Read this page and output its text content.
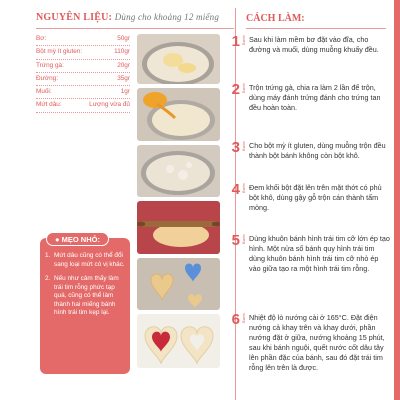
NGUYÊN LIỆU: Dùng cho khoảng 12 miếng
Bơ:	50gr
Bột mỳ ít gluten:	110gr
Trứng gà:	20gr
Đường:	35gr
Muối:	1gr
Mứt dâu:	Lượng vừa đủ
● MẸO NHỎ:
1. Mứt dâu cũng có thể đổi sang loại mứt có vị khác.
2. Nếu như cảm thấy làm trái tim rỗng phức tạp quá, cũng có thể làm thành hai miếng bánh hình trái tim kẹp lại.
CÁCH LÀM:
1 Bước Sau khi làm mềm bơ đặt vào đĩa, cho đường và muối, dùng muỗng khuấy đều.
2 Bước Trộn trứng gà, chia ra làm 2 lần để trộn, dùng máy đánh trứng đánh cho trứng tan đều hoàn toàn.
3 Bước Cho bột mỳ ít gluten, dùng muỗng trộn đều thành bột bánh không còn bột khô.
4 Bước Đem khối bột đặt lên trên mặt thớt có phủ bột khô, dùng gậy gỗ trộn cán thành tấm mỏng.
5 Bước Dùng khuôn bánh hình trái tim cỡ lớn ép tạo hình. Một nửa số bánh quy hình trái tim dùng khuôn bánh hình trái tim cỡ nhỏ ép vào giữa tạo ra một hình trái tim rỗng.
6 Bước Nhiệt độ lò nướng cài ở 165°C. Đặt điện nướng cả khay trên và khay dưới, phần nướng đặt ở giữa, nướng khoảng 15 phút, sau khi bánh nguội, quết nước cốt dâu tây lên phần đặc của bánh, sau đó đặt trái tim rỗng lên trên là được.
